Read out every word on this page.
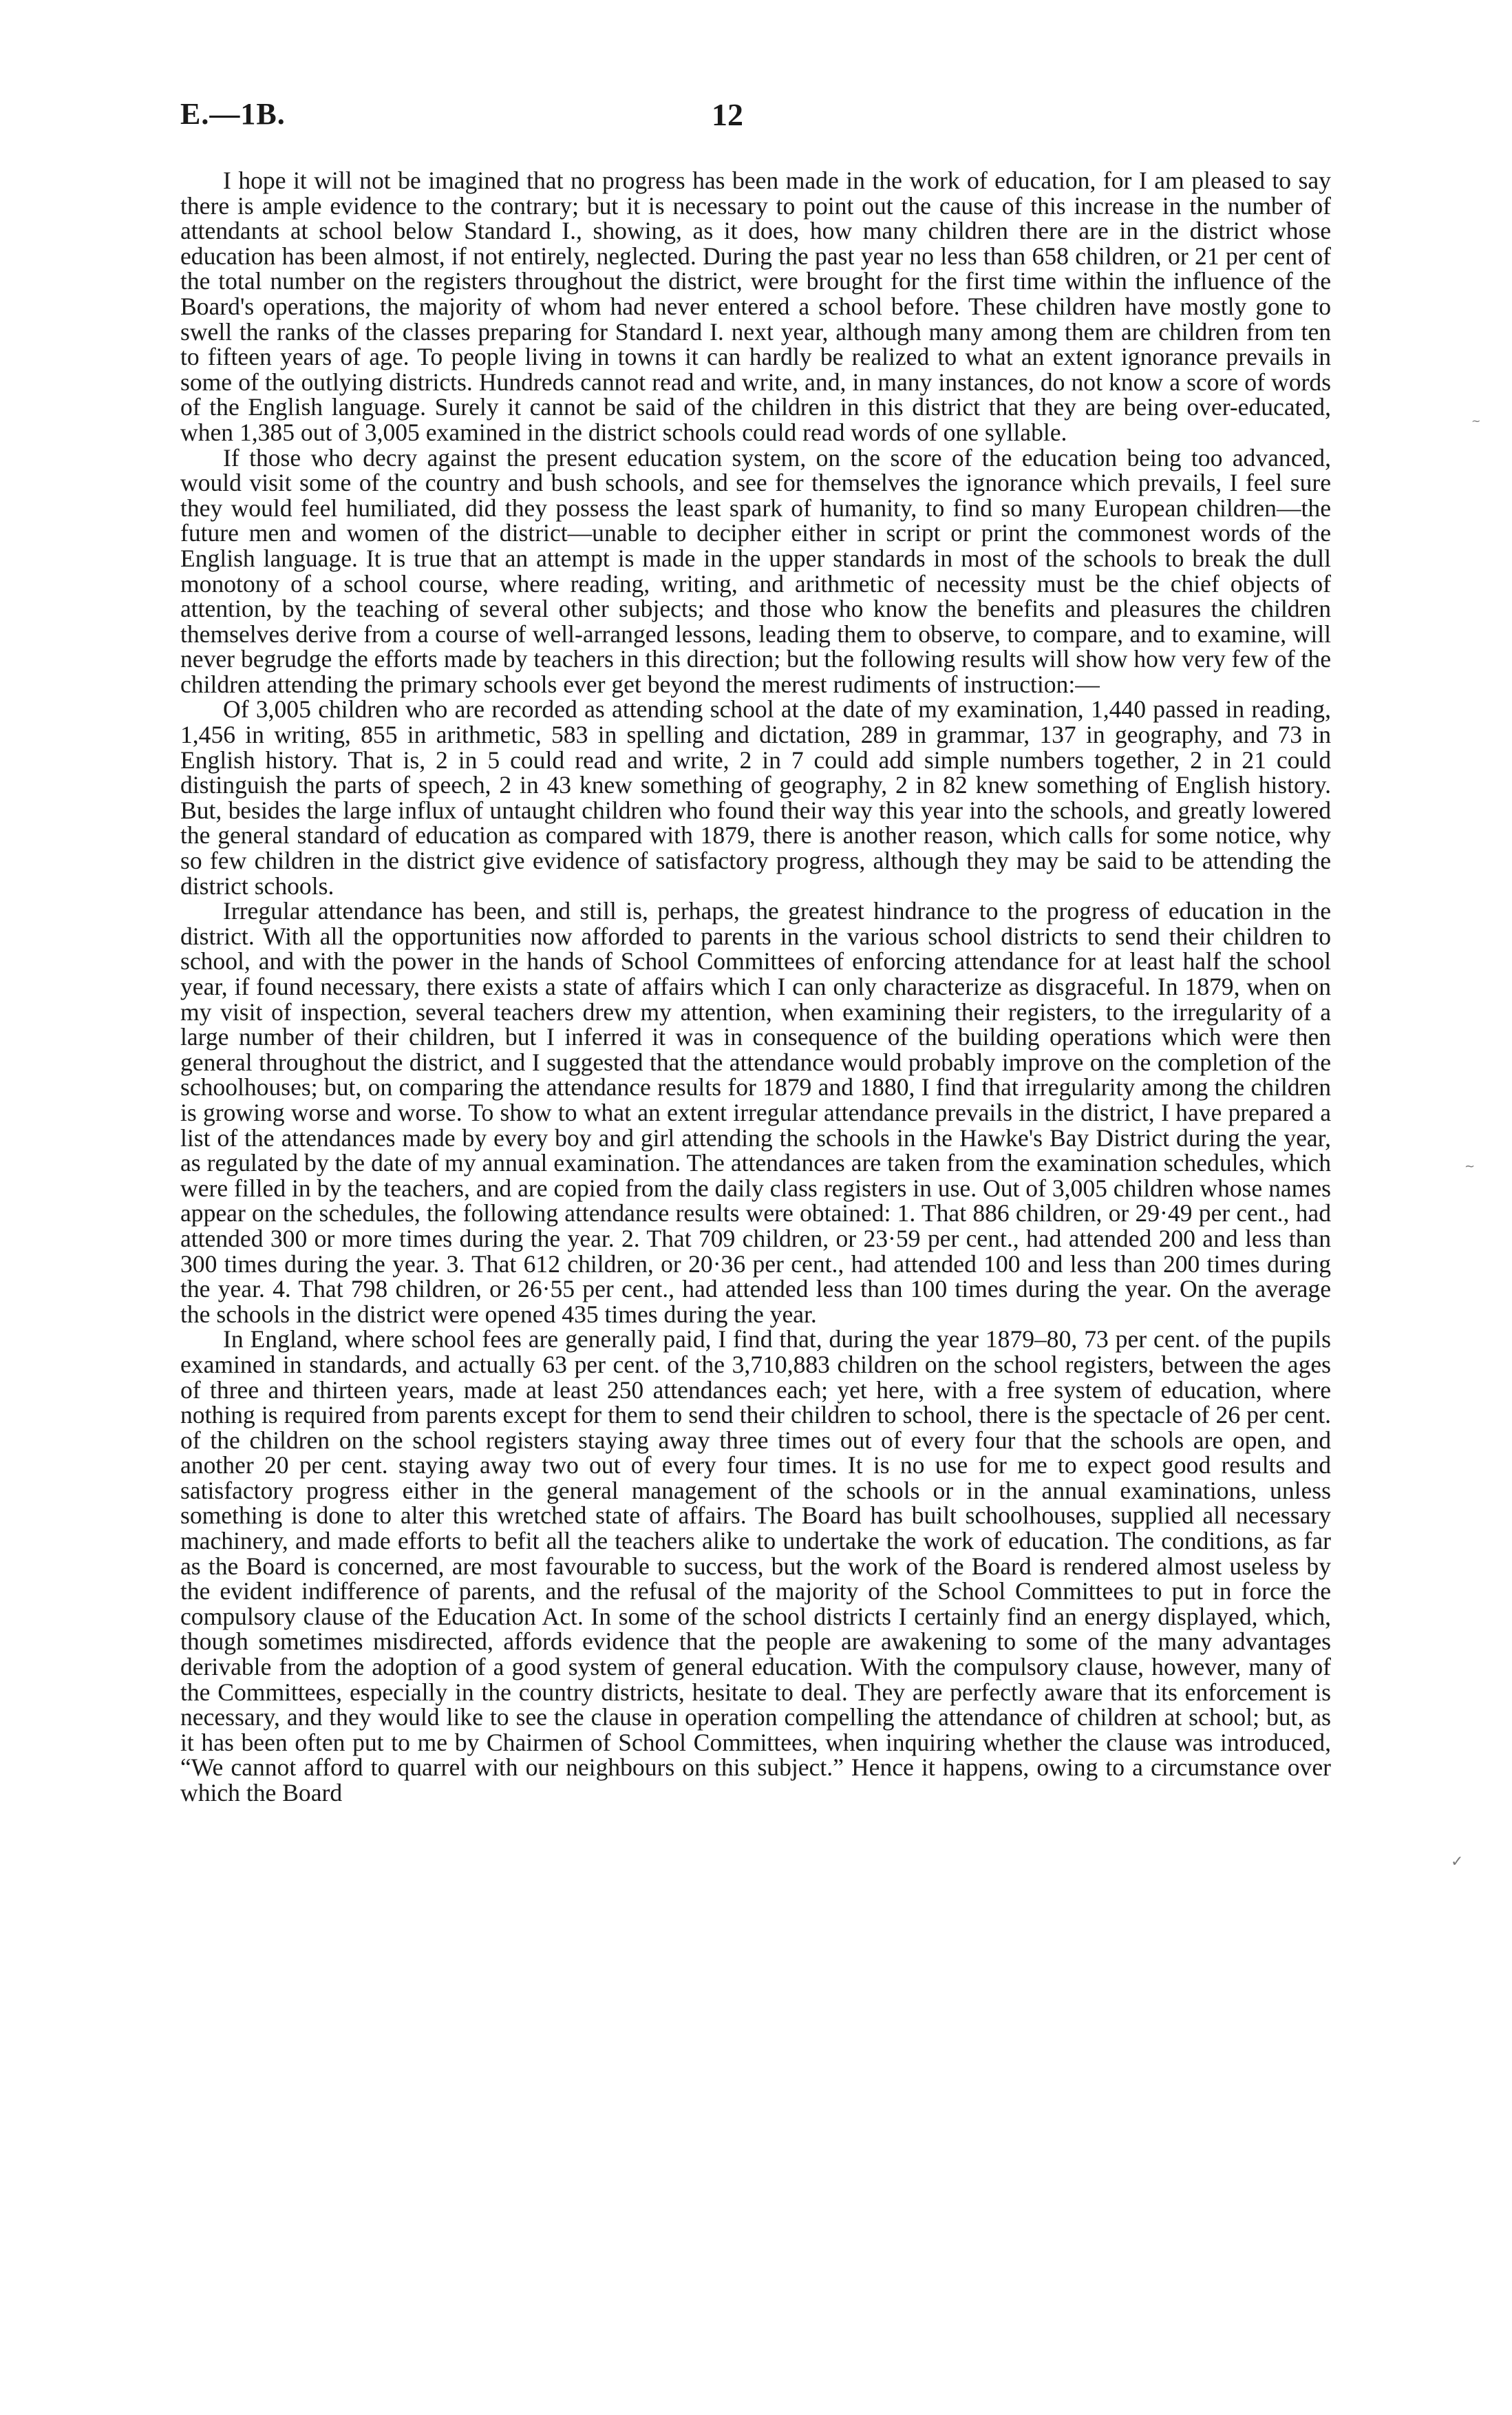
E.—1B.	12

I hope it will not be imagined that no progress has been made in the work of education, for I am pleased to say there is ample evidence to the contrary; but it is necessary to point out the cause of this increase in the number of attendants at school below Standard I., showing, as it does, how many children there are in the district whose education has been almost, if not entirely, neglected. During the past year no less than 658 children, or 21 per cent of the total number on the registers throughout the district, were brought for the first time within the influence of the Board's operations, the majority of whom had never entered a school before. These children have mostly gone to swell the ranks of the classes preparing for Standard I. next year, although many among them are children from ten to fifteen years of age. To people living in towns it can hardly be realized to what an extent ignorance prevails in some of the outlying districts. Hundreds cannot read and write, and, in many instances, do not know a score of words of the English language. Surely it cannot be said of the children in this district that they are being over-educated, when 1,385 out of 3,005 examined in the district schools could read words of one syllable.

If those who decry against the present education system, on the score of the education being too advanced, would visit some of the country and bush schools, and see for themselves the ignorance which prevails, I feel sure they would feel humiliated, did they possess the least spark of humanity, to find so many European children—the future men and women of the district—unable to decipher either in script or print the commonest words of the English language. It is true that an attempt is made in the upper standards in most of the schools to break the dull monotony of a school course, where reading, writing, and arithmetic of necessity must be the chief objects of attention, by the teaching of several other subjects; and those who know the benefits and pleasures the children themselves derive from a course of well-arranged lessons, leading them to observe, to compare, and to examine, will never begrudge the efforts made by teachers in this direction; but the following results will show how very few of the children attending the primary schools ever get beyond the merest rudiments of instruction:—

Of 3,005 children who are recorded as attending school at the date of my examination, 1,440 passed in reading, 1,456 in writing, 855 in arithmetic, 583 in spelling and dictation, 289 in grammar, 137 in geography, and 73 in English history. That is, 2 in 5 could read and write, 2 in 7 could add simple numbers together, 2 in 21 could distinguish the parts of speech, 2 in 43 knew something of geography, 2 in 82 knew something of English history. But, besides the large influx of untaught children who found their way this year into the schools, and greatly lowered the general standard of education as compared with 1879, there is another reason, which calls for some notice, why so few children in the district give evidence of satisfactory progress, although they may be said to be attending the district schools.

Irregular attendance has been, and still is, perhaps, the greatest hindrance to the progress of education in the district. With all the opportunities now afforded to parents in the various school districts to send their children to school, and with the power in the hands of School Committees of enforcing attendance for at least half the school year, if found necessary, there exists a state of affairs which I can only characterize as disgraceful. In 1879, when on my visit of inspection, several teachers drew my attention, when examining their registers, to the irregularity of a large number of their children, but I inferred it was in consequence of the building operations which were then general throughout the district, and I suggested that the attendance would probably improve on the completion of the schoolhouses; but, on comparing the attendance results for 1879 and 1880, I find that irregularity among the children is growing worse and worse. To show to what an extent irregular attendance prevails in the district, I have prepared a list of the attendances made by every boy and girl attending the schools in the Hawke's Bay District during the year, as regulated by the date of my annual examination. The attendances are taken from the examination schedules, which were filled in by the teachers, and are copied from the daily class registers in use. Out of 3,005 children whose names appear on the schedules, the following attendance results were obtained: 1. That 886 children, or 29·49 per cent., had attended 300 or more times during the year. 2. That 709 children, or 23·59 per cent., had attended 200 and less than 300 times during the year. 3. That 612 children, or 20·36 per cent., had attended 100 and less than 200 times during the year. 4. That 798 children, or 26·55 per cent., had attended less than 100 times during the year. On the average the schools in the district were opened 435 times during the year.

In England, where school fees are generally paid, I find that, during the year 1879–80, 73 per cent. of the pupils examined in standards, and actually 63 per cent. of the 3,710,883 children on the school registers, between the ages of three and thirteen years, made at least 250 attendances each; yet here, with a free system of education, where nothing is required from parents except for them to send their children to school, there is the spectacle of 26 per cent. of the children on the school registers staying away three times out of every four that the schools are open, and another 20 per cent. staying away two out of every four times. It is no use for me to expect good results and satisfactory progress either in the general management of the schools or in the annual examinations, unless something is done to alter this wretched state of affairs. The Board has built schoolhouses, supplied all necessary machinery, and made efforts to befit all the teachers alike to undertake the work of education. The conditions, as far as the Board is concerned, are most favourable to success, but the work of the Board is rendered almost useless by the evident indifference of parents, and the refusal of the majority of the School Committees to put in force the compulsory clause of the Education Act. In some of the school districts I certainly find an energy displayed, which, though sometimes misdirected, affords evidence that the people are awakening to some of the many advantages derivable from the adoption of a good system of general education. With the compulsory clause, however, many of the Committees, especially in the country districts, hesitate to deal. They are perfectly aware that its enforcement is necessary, and they would like to see the clause in operation compelling the attendance of children at school; but, as it has been often put to me by Chairmen of School Committees, when inquiring whether the clause was introduced, “We cannot afford to quarrel with our neighbours on this subject.” Hence it happens, owing to a circumstance over which the Board

~
~
✓
